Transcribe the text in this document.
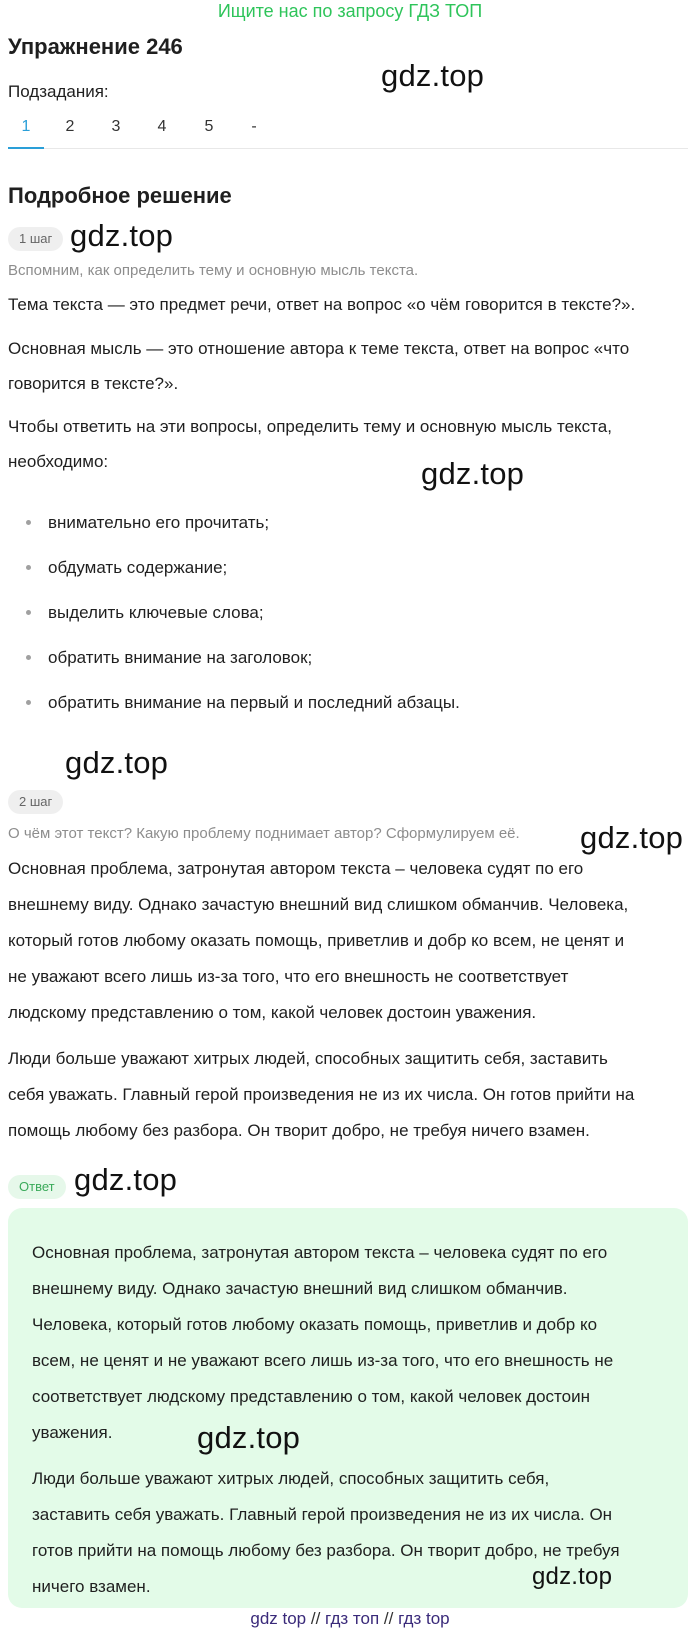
Ищите нас по запросу ГДЗ ТОП
Упражнение 246
Подзадания:
1	2	3	4	5	-
Подробное решение
1 шаг
Вспомним, как определить тему и основную мысль текста.
Тема текста — это предмет речи, ответ на вопрос «о чём говорится в тексте?».
Основная мысль — это отношение автора к теме текста, ответ на вопрос «что
говорится в тексте?».
Чтобы ответить на эти вопросы, определить тему и основную мысль текста,
необходимо:
внимательно его прочитать;
обдумать содержание;
выделить ключевые слова;
обратить внимание на заголовок;
обратить внимание на первый и последний абзацы.
2 шаг
О чём этот текст? Какую проблему поднимает автор? Сформулируем её.
Основная проблема, затронутая автором текста – человека судят по его
внешнему виду. Однако зачастую внешний вид слишком обманчив. Человека,
который готов любому оказать помощь, приветлив и добр ко всем, не ценят и
не уважают всего лишь из-за того, что его внешность не соответствует
людскому представлению о том, какой человек достоин уважения.
Люди больше уважают хитрых людей, способных защитить себя, заставить
себя уважать. Главный герой произведения не из их числа. Он готов прийти на
помощь любому без разбора. Он творит добро, не требуя ничего взамен.
Ответ
Основная проблема, затронутая автором текста – человека судят по его
внешнему виду. Однако зачастую внешний вид слишком обманчив.
Человека, который готов любому оказать помощь, приветлив и добр ко
всем, не ценят и не уважают всего лишь из-за того, что его внешность не
соответствует людскому представлению о том, какой человек достоин
уважения.
Люди больше уважают хитрых людей, способных защитить себя,
заставить себя уважать. Главный герой произведения не из их числа. Он
готов прийти на помощь любому без разбора. Он творит добро, не требуя
ничего взамен.
gdz.top
gdz.top
gdz.top
gdz.top
gdz.top
gdz.top
gdz.top
gdz.top
gdz top // гдз топ // гдз top
